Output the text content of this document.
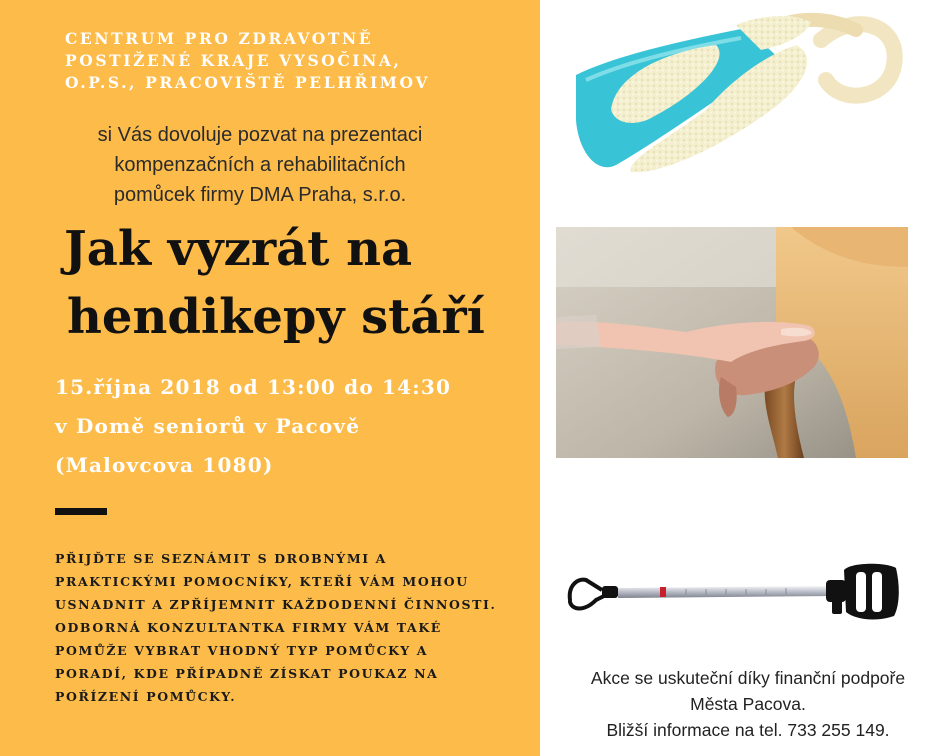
CENTRUM PRO ZDRAVOTNĚ
POSTIŽENÉ KRAJE VYSOČINA,
O.P.S., PRACOVIŠTĚ PELHŘIMOV
si Vás dovoluje pozvat na prezentaci
kompenzačních a rehabilitačních
pomůcek firmy DMA Praha, s.r.o.
Jak vyzrát na
hendikepy stáří
15.října 2018 od 13:00 do 14:30
v Domě seniorů v Pacově
(Malovcova 1080)
PŘIJĎTE SE SEZNÁMIT S DROBNÝMI A
PRAKTICKÝMI POMOCNÍKY, KTEŘÍ VÁM MOHOU
USNADNIT A ZPŘÍJEMNIT KAŽDODENNÍ ČINNOSTI.
ODBORNÁ KONZULTANTKA FIRMY VÁM TAKÉ
POMŮŽE VYBRAT VHODNÝ TYP POMŮCKY A
PORADÍ, KDE PŘÍPADNĚ ZÍSKAT POUKAZ NA
POŘÍZENÍ POMŮCKY.
Akce se uskuteční díky finanční podpoře
Města Pacova.
Bližší informace na tel. 733 255 149.
